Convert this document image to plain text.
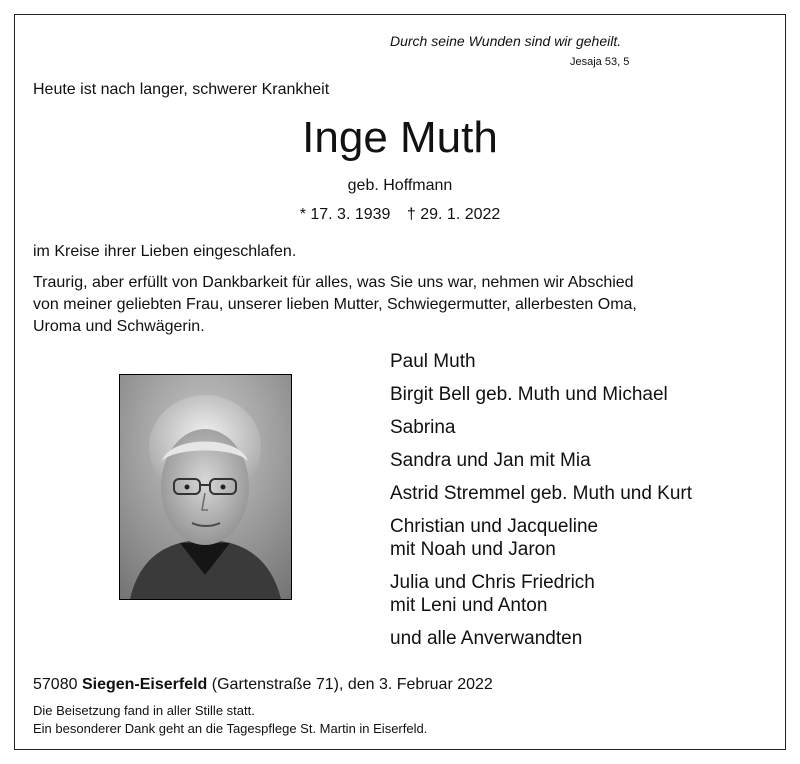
Durch seine Wunden sind wir geheilt.
Jesaja 53, 5
Heute ist nach langer, schwerer Krankheit
Inge Muth
geb. Hoffmann
* 17. 3. 1939 † 29. 1. 2022
im Kreise ihrer Lieben eingeschlafen.
Traurig, aber erfüllt von Dankbarkeit für alles, was Sie uns war, nehmen wir Abschied
von meiner geliebten Frau, unserer lieben Mutter, Schwiegermutter, allerbesten Oma,
Uroma und Schwägerin.
Paul Muth
Birgit Bell geb. Muth und Michael
Sabrina
Sandra und Jan mit Mia
Astrid Stremmel geb. Muth und Kurt
Christian und Jacqueline
mit Noah und Jaron
Julia und Chris Friedrich
mit Leni und Anton
und alle Anverwandten
57080 Siegen-Eiserfeld (Gartenstraße 71), den 3. Februar 2022
Die Beisetzung fand in aller Stille statt.
Ein besonderer Dank geht an die Tagespflege St. Martin in Eiserfeld.
